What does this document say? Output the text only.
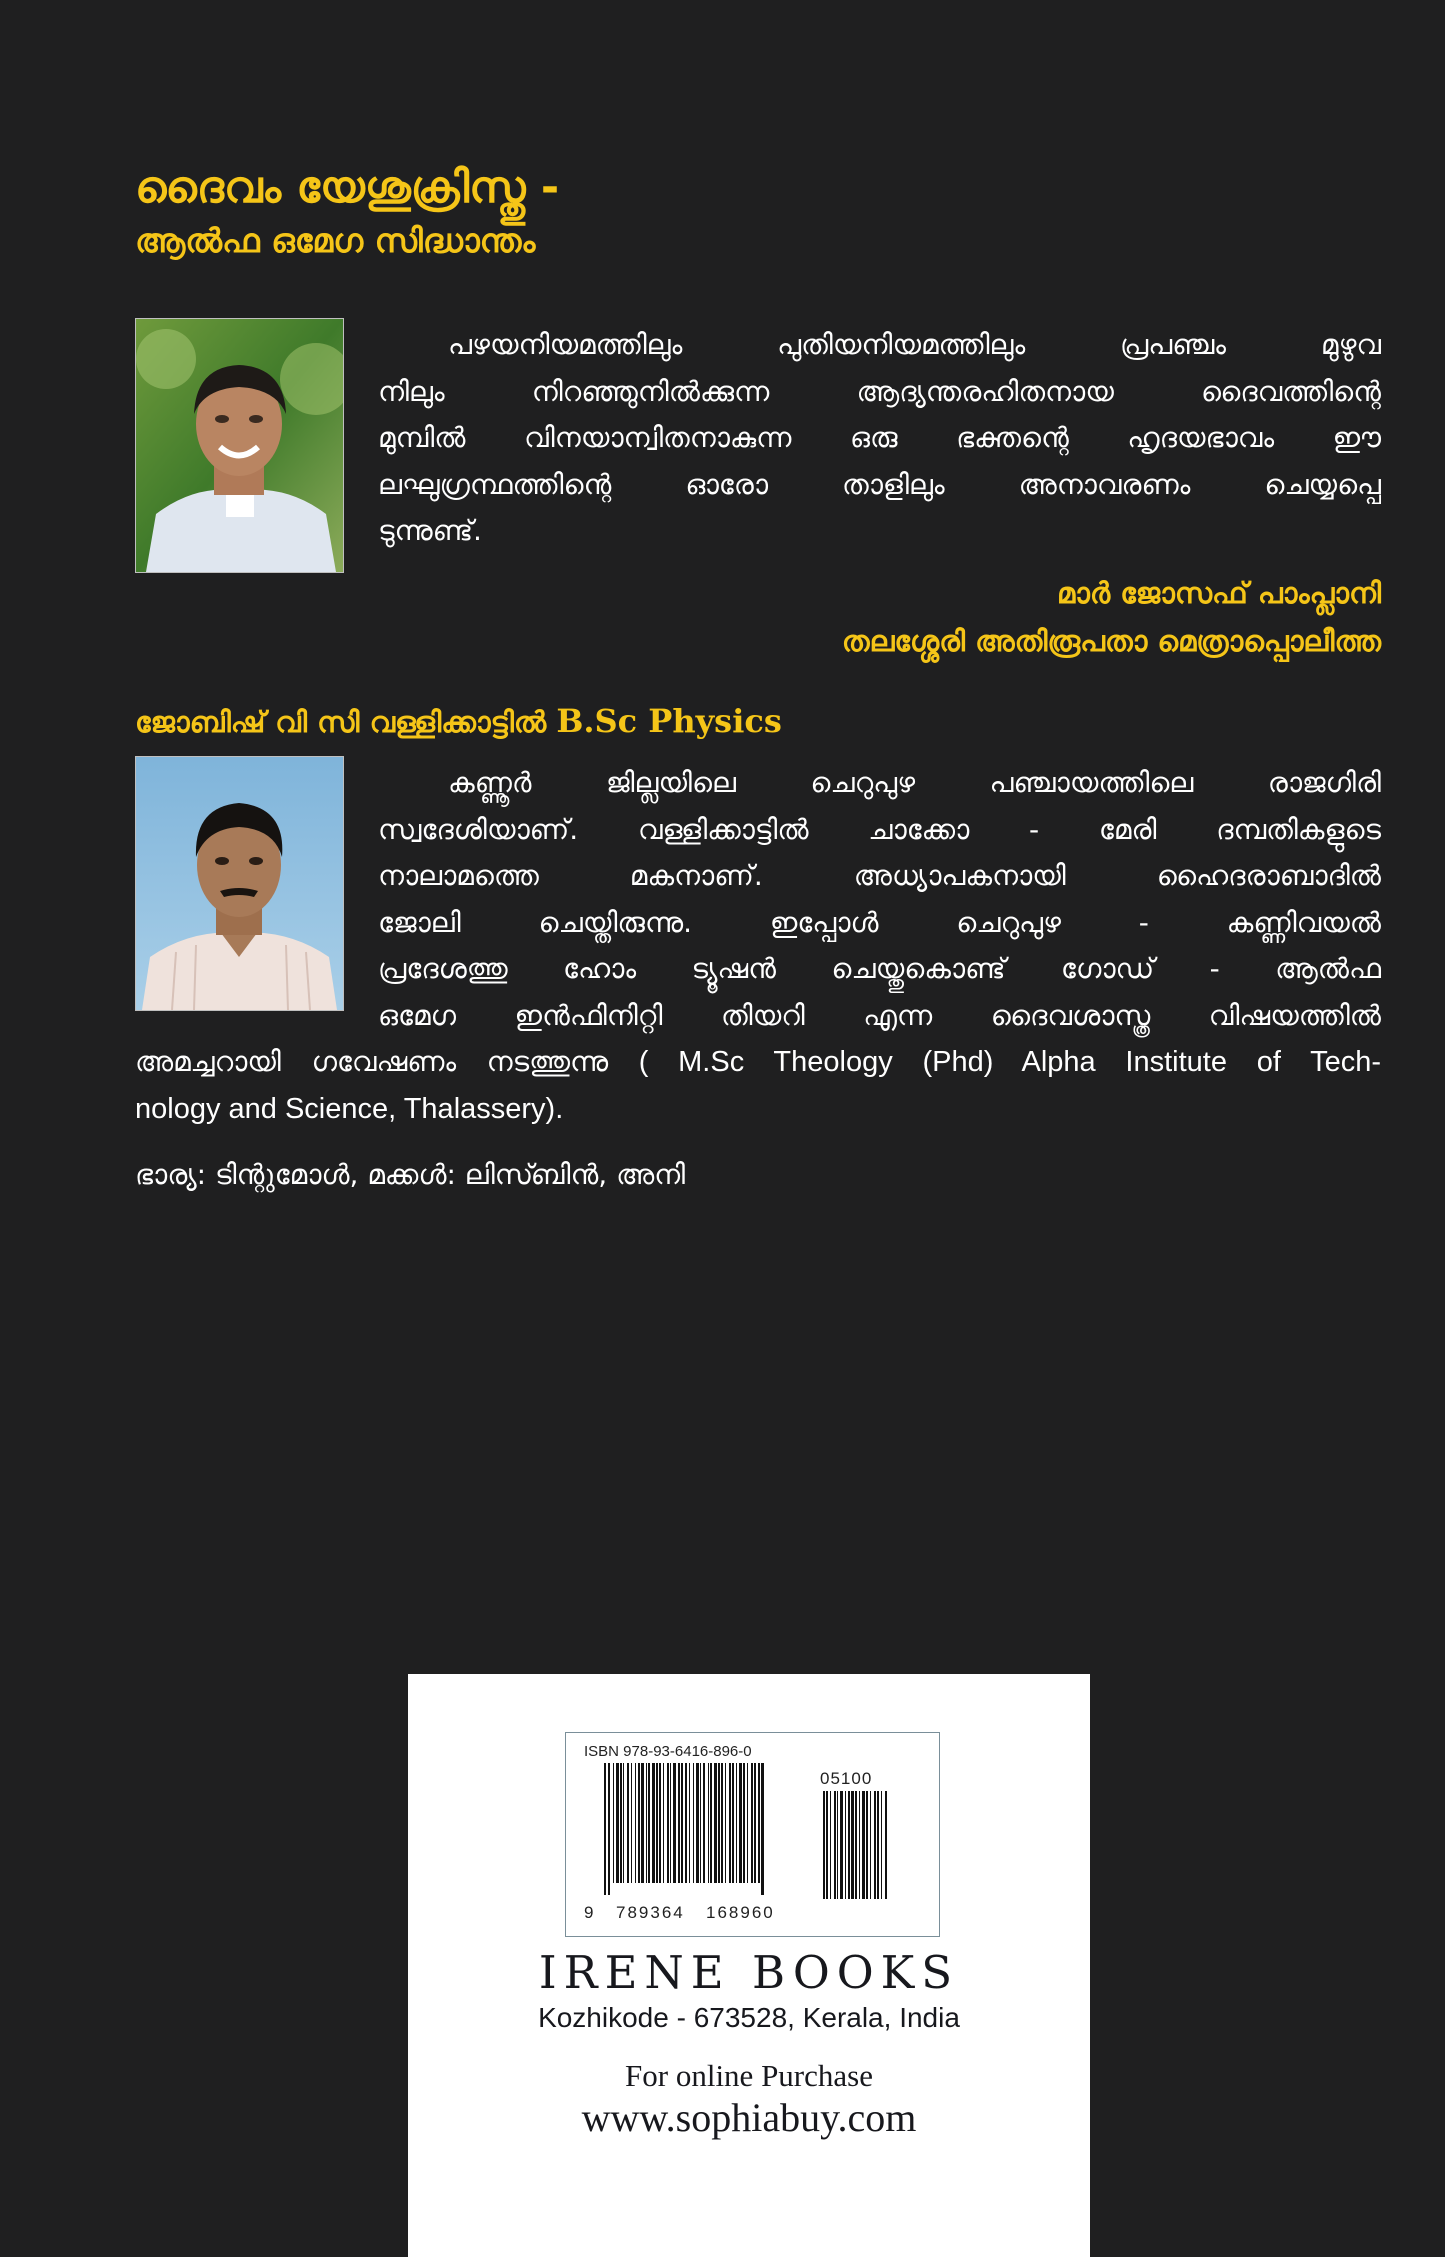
ദൈവം യേശുക്രിസ്തു -
ആൽഫ ഒമേഗ സിദ്ധാന്തം
പഴയനിയമത്തിലും പുതിയനിയമത്തിലും പ്രപഞ്ചം മുഴുവ
നിലും നിറഞ്ഞുനിൽക്കുന്ന ആദ്യന്തരഹിതനായ ദൈവത്തിന്റെ
മുമ്പിൽ വിനയാന്വിതനാകുന്ന ഒരു ഭക്തന്റെ ഹൃദയഭാവം ഈ
ലഘുഗ്രന്ഥത്തിന്റെ ഓരോ താളിലും അനാവരണം ചെയ്യപ്പെ
ടുന്നുണ്ട്.
മാർ ജോസഫ് പാംപ്ലാനി
തലശ്ശേരി അതിരൂപതാ മെത്രാപ്പൊലീത്ത
ജോബിഷ് വി സി വള്ളിക്കാട്ടിൽ B.Sc Physics
കണ്ണൂർ ജില്ലയിലെ ചെറുപുഴ പഞ്ചായത്തിലെ രാജഗിരി
സ്വദേശിയാണ്. വള്ളിക്കാട്ടിൽ ചാക്കോ - മേരി ദമ്പതികളുടെ
നാലാമത്തെ മകനാണ്. അധ്യാപകനായി ഹൈദരാബാദിൽ
ജോലി ചെയ്തിരുന്നു. ഇപ്പോൾ ചെറുപുഴ - കണ്ണിവയൽ
പ്രദേശത്തു ഹോം ട്യൂഷൻ ചെയ്തുകൊണ്ട് ഗോഡ് - ആൽഫ
ഒമേഗ ഇൻഫിനിറ്റി തിയറി എന്ന ദൈവശാസ്ത്ര വിഷയത്തിൽ
അമച്ചറായി ഗവേഷണം നടത്തുന്നു ( M.Sc Theology (Phd) Alpha Institute of Tech-
nology and Science, Thalassery).
ഭാര്യ: ടിന്റുമോൾ, മക്കൾ: ലിസ്ബിൻ, അനി
ISBN 978-93-6416-896-0
05100
9 789364 168960
IRENE BOOKS
Kozhikode - 673528, Kerala, India
For online Purchase
www.sophiabuy.com
